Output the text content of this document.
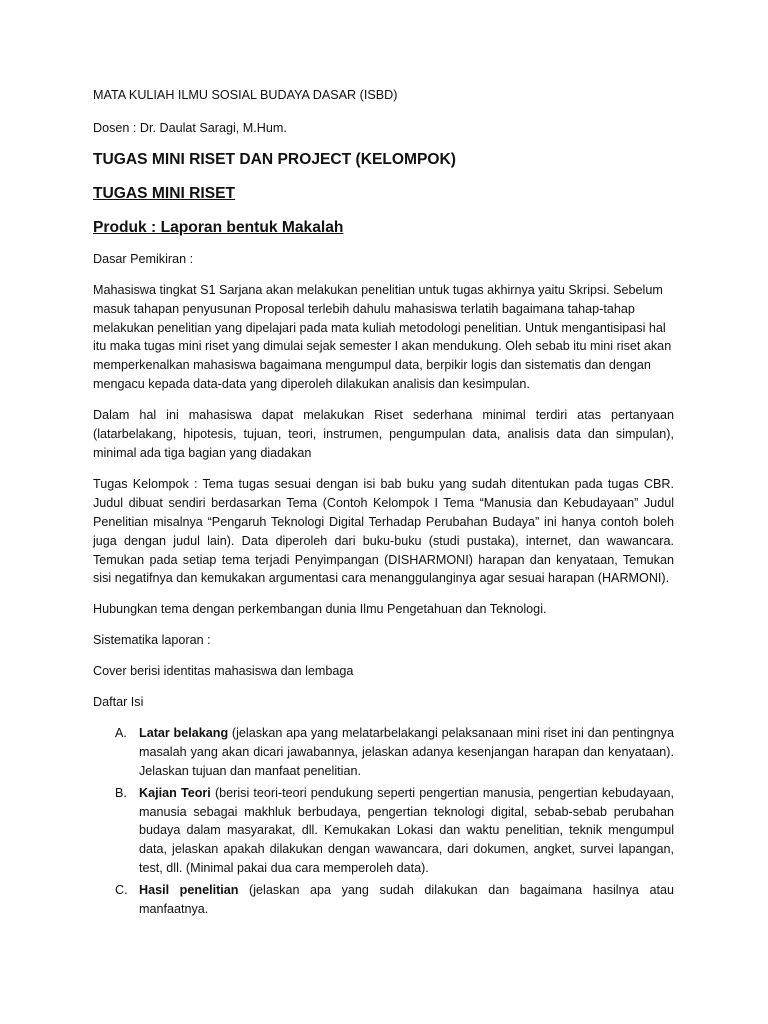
MATA KULIAH ILMU SOSIAL BUDAYA DASAR (ISBD)

Dosen : Dr. Daulat Saragi, M.Hum.

TUGAS MINI RISET DAN PROJECT (KELOMPOK)

TUGAS MINI RISET

Produk : Laporan bentuk Makalah

Dasar Pemikiran :

Mahasiswa tingkat S1 Sarjana akan melakukan penelitian untuk tugas akhirnya yaitu Skripsi. Sebelum masuk tahapan penyusunan Proposal terlebih dahulu mahasiswa terlatih bagaimana tahap-tahap melakukan penelitian yang dipelajari pada mata kuliah metodologi penelitian. Untuk mengantisipasi hal itu maka tugas mini riset yang dimulai sejak semester I akan mendukung. Oleh sebab itu mini riset akan memperkenalkan mahasiswa bagaimana mengumpul data, berpikir logis dan sistematis dan dengan mengacu kepada data-data yang diperoleh dilakukan analisis dan kesimpulan.

Dalam hal ini mahasiswa dapat melakukan Riset sederhana minimal terdiri atas pertanyaan (latarbelakang, hipotesis, tujuan, teori, instrumen, pengumpulan data, analisis data dan simpulan), minimal ada tiga bagian yang diadakan

Tugas Kelompok : Tema tugas sesuai dengan isi bab buku yang sudah ditentukan pada tugas CBR. Judul dibuat sendiri berdasarkan Tema (Contoh Kelompok I Tema “Manusia dan Kebudayaan” Judul Penelitian misalnya “Pengaruh Teknologi Digital Terhadap Perubahan Budaya” ini hanya contoh boleh juga dengan judul lain). Data diperoleh dari buku-buku (studi pustaka), internet, dan wawancara. Temukan pada setiap tema terjadi Penyimpangan (DISHARMONI) harapan dan kenyataan, Temukan sisi negatifnya dan kemukakan argumentasi cara menanggulanginya agar sesuai harapan (HARMONI).

Hubungkan tema dengan perkembangan dunia Ilmu Pengetahuan dan Teknologi.

Sistematika laporan :

Cover berisi identitas mahasiswa dan lembaga

Daftar Isi

A. Latar belakang (jelaskan apa yang melatarbelakangi pelaksanaan mini riset ini dan pentingnya masalah yang akan dicari jawabannya, jelaskan adanya kesenjangan harapan dan kenyataan). Jelaskan tujuan dan manfaat penelitian.
B. Kajian Teori (berisi teori-teori pendukung seperti pengertian manusia, pengertian kebudayaan, manusia sebagai makhluk berbudaya, pengertian teknologi digital, sebab-sebab perubahan budaya dalam masyarakat, dll. Kemukakan Lokasi dan waktu penelitian, teknik mengumpul data, jelaskan apakah dilakukan dengan wawancara, dari dokumen, angket, survei lapangan, test, dll. (Minimal pakai dua cara memperoleh data).
C. Hasil penelitian (jelaskan apa yang sudah dilakukan dan bagaimana hasilnya atau manfaatnya.
